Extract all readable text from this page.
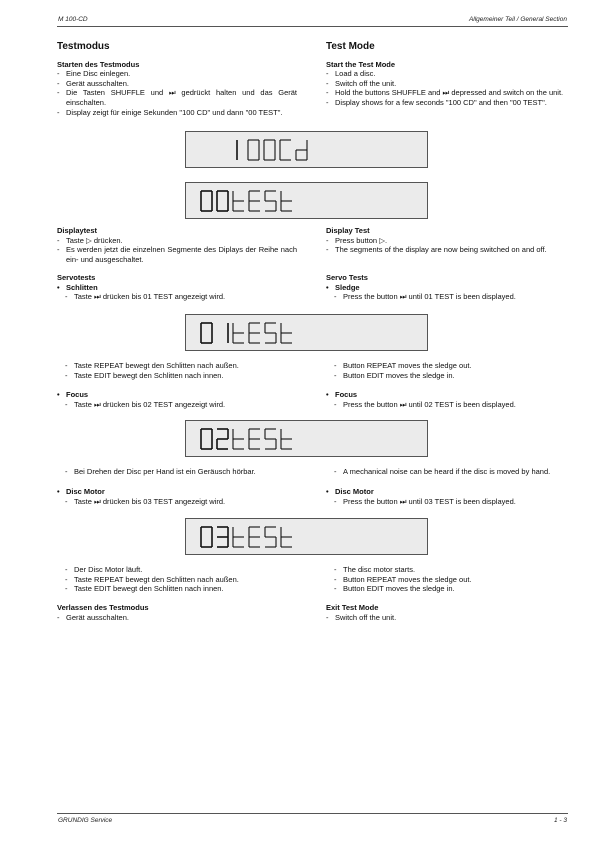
M 100-CD	Allgemeiner Teil / General Section

Testmodus

Starten des Testmodus

- Eine Disc einlegen.
- Gerät ausschalten.
- Die Tasten SHUFFLE und ⏭ gedrückt halten und das Gerät einschalten.
- Display zeigt für einige Sekunden "100 CD" und dann "00 TEST".

Displaytest

- Taste ▷ drücken.
- Es werden jetzt die einzelnen Segmente des Diplays der Reihe nach ein- und ausgeschaltet.

Servotests

• Schlitten
- Taste ⏭ drücken bis 01 TEST angezeigt wird.
- Taste REPEAT bewegt den Schlitten nach außen.
- Taste EDIT bewegt den Schlitten nach innen.
• Focus
- Taste ⏭ drücken bis 02 TEST angezeigt wird.
- Bei Drehen der Disc per Hand ist ein Geräusch hörbar.
• Disc Motor
- Taste ⏭ drücken bis 03 TEST angezeigt wird.
- Der Disc Motor läuft.
- Taste REPEAT bewegt den Schlitten nach außen.
- Taste EDIT bewegt den Schlitten nach innen.

Verlassen des Testmodus

- Gerät ausschalten.

Test Mode

Start the Test Mode

- Load a disc.
- Switch off the unit.
- Hold the buttons SHUFFLE and ⏭ depressed and switch on the unit.
- Display shows for a few seconds "100 CD" and then "00 TEST".

Display Test

- Press button ▷.
- The segments of the display are now being switched on and off.

Servo Tests

• Sledge
- Press the button ⏭ until 01 TEST is been displayed.
- Button REPEAT moves the sledge out.
- Button EDIT moves the sledge in.
• Focus
- Press the button ⏭ until 02 TEST is been displayed.
- A mechanical noise can be heard if the disc is moved by hand.
• Disc Motor
- Press the button ⏭ until 03 TEST is been displayed.
- The disc motor starts.
- Button REPEAT moves the sledge out.
- Button EDIT moves the sledge in.

Exit Test Mode

- Switch off the unit.
GRUNDIG Service	1 - 3
